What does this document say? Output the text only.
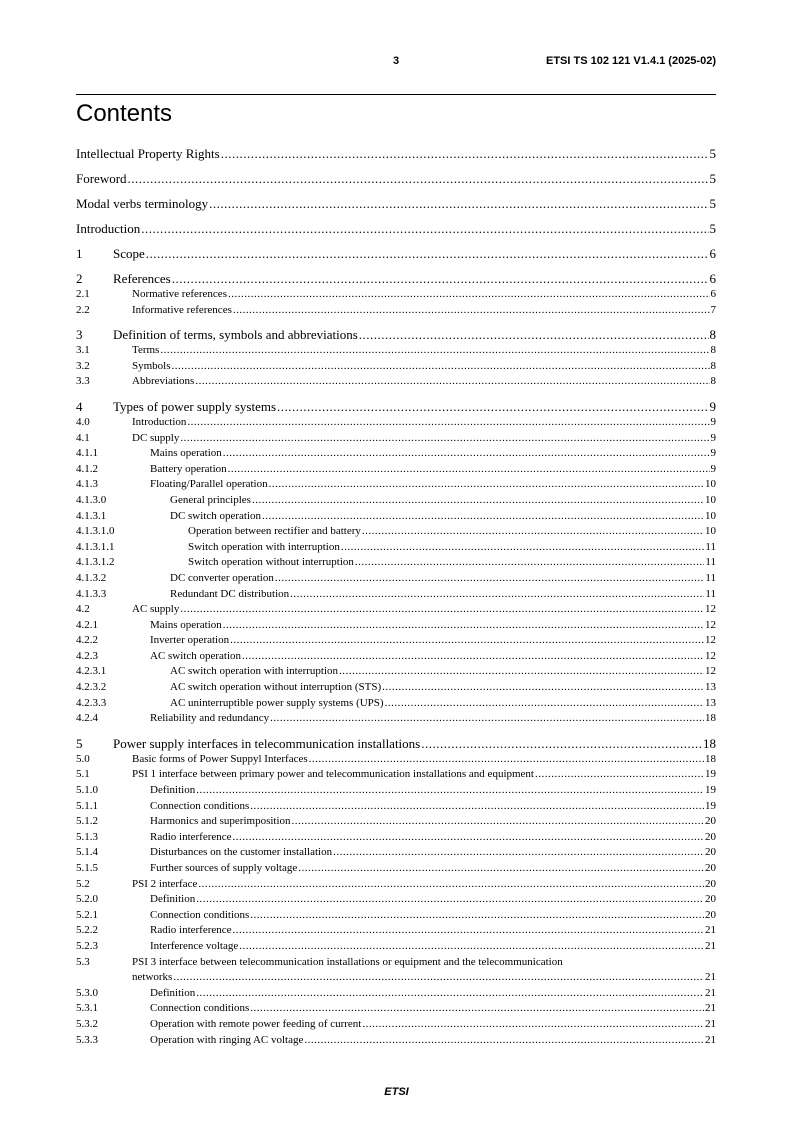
3	ETSI TS 102 121 V1.4.1 (2025-02)
Contents
Intellectual Property Rights .....	5
Foreword .....	5
Modal verbs terminology .....	5
Introduction .....	5
1 Scope .....	6
2 References .....	6
2.1	Normative references .....	6
2.2	Informative references .....	7
3 Definition of terms, symbols and abbreviations .....	8
3.1	Terms .....	8
3.2	Symbols .....	8
3.3	Abbreviations .....	8
4 Types of power supply systems .....	9
4.0	Introduction .....	9
4.1	DC supply .....	9
4.1.1	Mains operation .....	9
4.1.2	Battery operation .....	9
4.1.3	Floating/Parallel operation .....	10
4.1.3.0	General principles .....	10
4.1.3.1	DC switch operation .....	10
4.1.3.1.0	Operation between rectifier and battery .....	10
4.1.3.1.1	Switch operation with interruption .....	11
4.1.3.1.2	Switch operation without interruption .....	11
4.1.3.2	DC converter operation .....	11
4.1.3.3	Redundant DC distribution .....	11
4.2	AC supply .....	12
4.2.1	Mains operation .....	12
4.2.2	Inverter operation .....	12
4.2.3	AC switch operation .....	12
4.2.3.1	AC switch operation with interruption .....	12
4.2.3.2	AC switch operation without interruption (STS) .....	13
4.2.3.3	AC uninterruptible power supply systems (UPS) .....	13
4.2.4	Reliability and redundancy .....	18
5 Power supply interfaces in telecommunication installations .....	18
5.0	Basic forms of Power Suppyl Interfaces .....	18
5.1	PSI 1 interface between primary power and telecommunication installations and equipment .....	19
5.1.0	Definition .....	19
5.1.1	Connection conditions .....	19
5.1.2	Harmonics and superimposition .....	20
5.1.3	Radio interference .....	20
5.1.4	Disturbances on the customer installation .....	20
5.1.5	Further sources of supply voltage .....	20
5.2	PSI 2 interface .....	20
5.2.0	Definition .....	20
5.2.1	Connection conditions .....	20
5.2.2	Radio interference .....	21
5.2.3	Interference voltage .....	21
5.3	PSI 3 interface between telecommunication installations or equipment and the telecommunication
networks .....	21
5.3.0	Definition .....	21
5.3.1	Connection conditions .....	21
5.3.2	Operation with remote power feeding of current .....	21
5.3.3	Operation with ringing AC voltage .....	21
ETSI
